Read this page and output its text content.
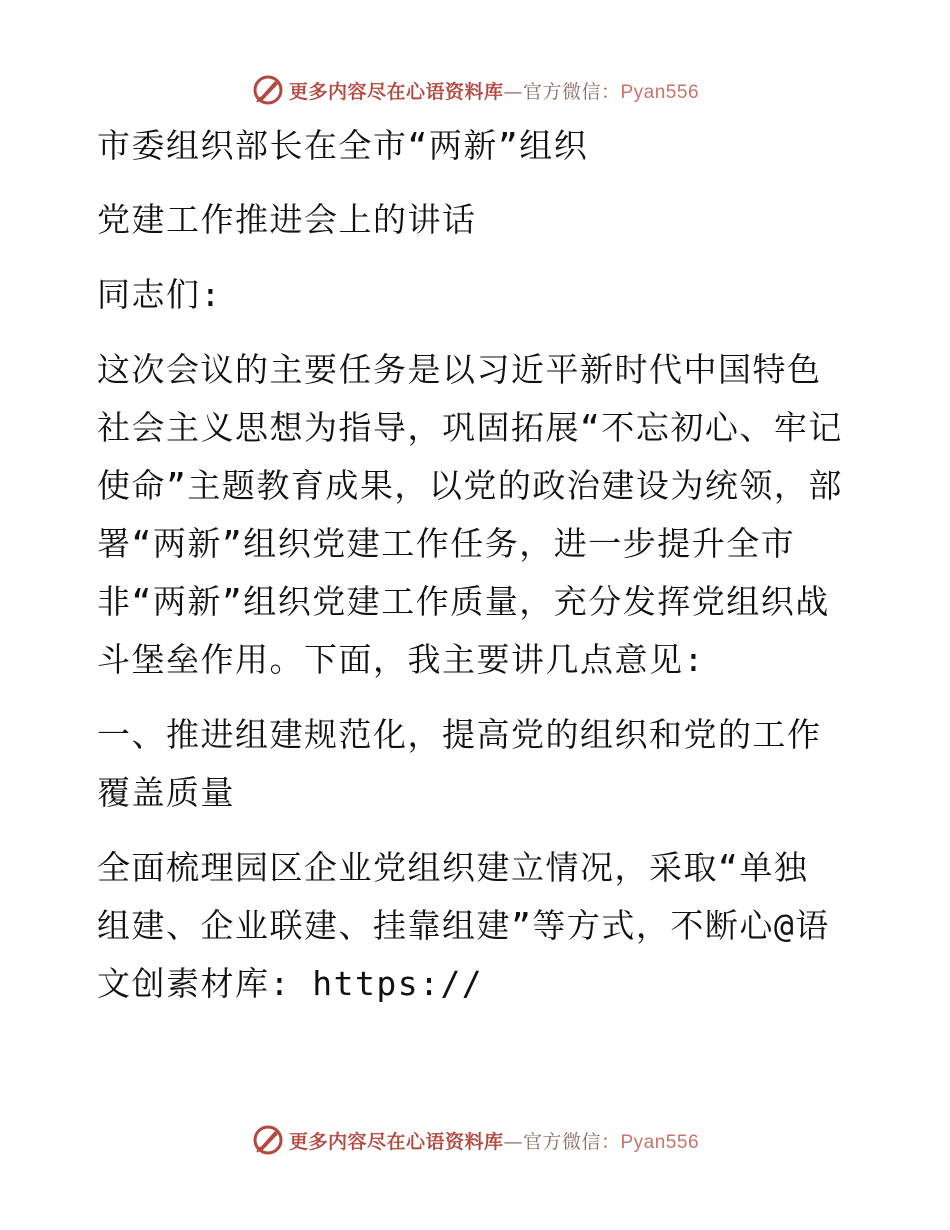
更多内容尽在心语资料库—官方微信：Pyan556
市委组织部长在全市“两新”组织
党建工作推进会上的讲话
同志们:
这次会议的主要任务是以习近平新时代中国特色
社会主义思想为指导，巩固拓展“不忘初心、牢记
使命”主题教育成果，以党的政治建设为统领，部
署“两新”组织党建工作任务，进一步提升全市
非“两新”组织党建工作质量，充分发挥党组织战
斗堡垒作用。下面，我主要讲几点意见:
一、推进组建规范化，提高党的组织和党的工作
覆盖质量
全面梳理园区企业党组织建立情况，采取“单独
组建、企业联建、挂靠组建”等方式，不断心@语
文创素材库: https://
更多内容尽在心语资料库—官方微信：Pyan556
